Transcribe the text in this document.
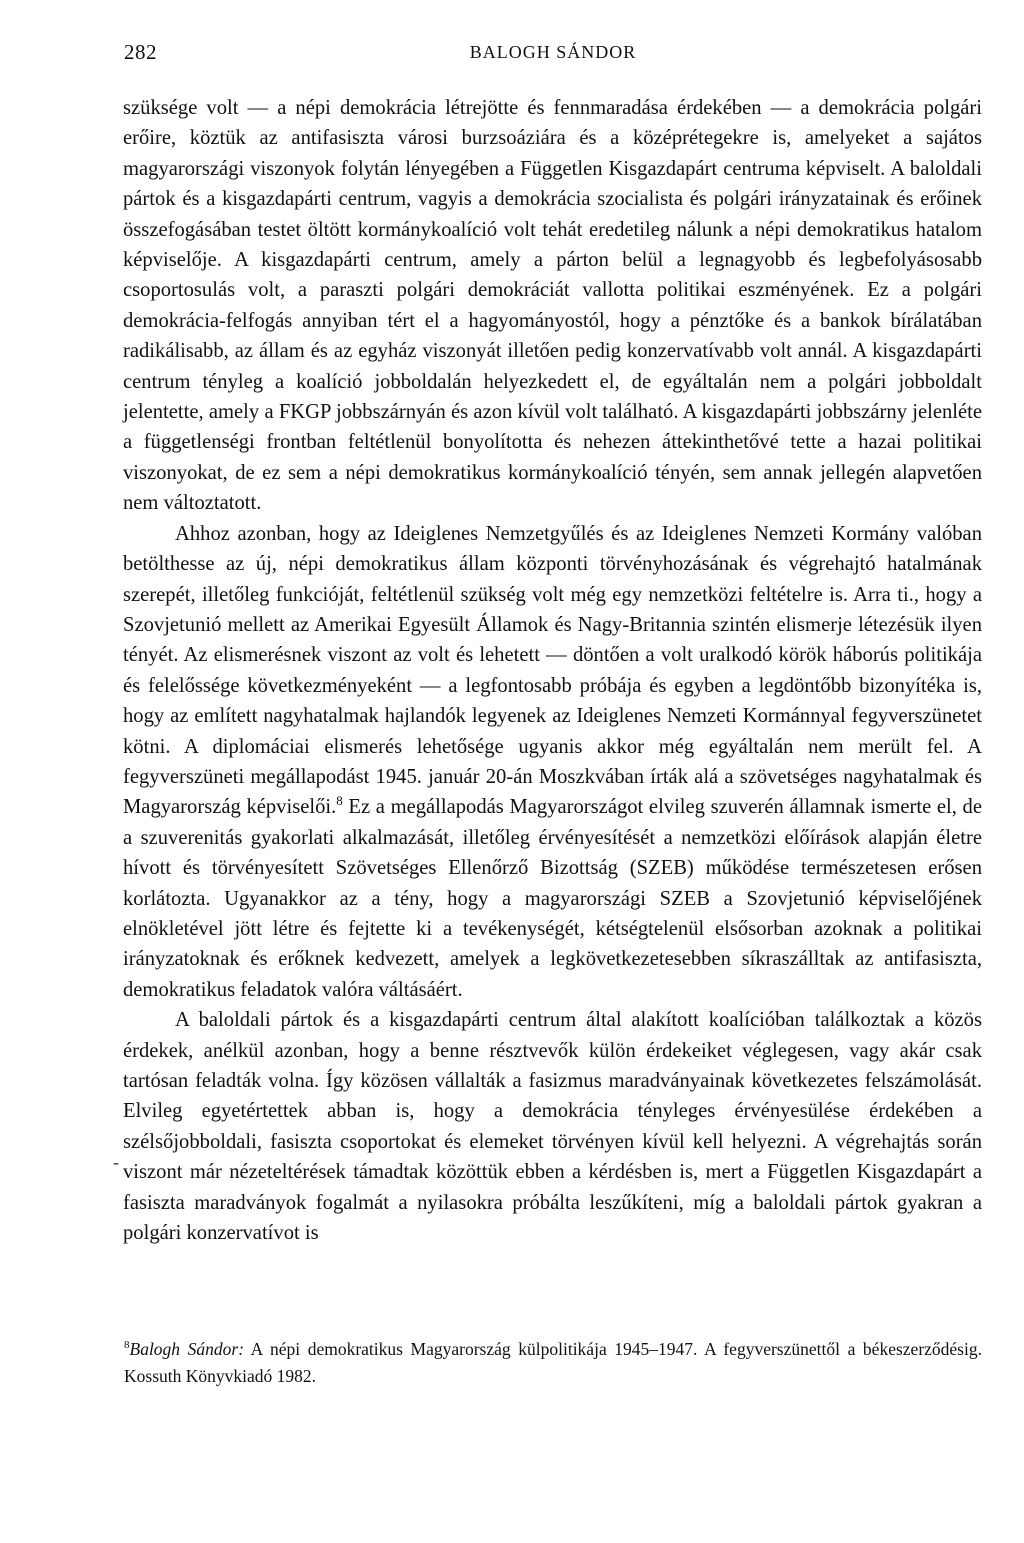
282	BALOGH SÁNDOR

szüksége volt — a népi demokrácia létrejötte és fennmaradása érdekében — a demokrácia polgári erőire, köztük az antifasiszta városi burzsoáziára és a középrétegekre is, amelyeket a sajátos magyarországi viszonyok folytán lényegében a Független Kisgazdapárt centruma képviselt. A baloldali pártok és a kisgazdapárti centrum, vagyis a demokrácia szocialista és polgári irányzatainak és erőinek összefogásában testet öltött kormánykoalíció volt tehát eredetileg nálunk a népi demokratikus hatalom képviselője. A kisgazdapárti centrum, amely a párton belül a legnagyobb és legbefolyásosabb csoportosulás volt, a paraszti polgári demokráciát vallotta politikai eszményének. Ez a polgári demokrácia-felfogás annyiban tért el a hagyományostól, hogy a pénztőke és a bankok bírálatában radikálisabb, az állam és az egyház viszonyát illetően pedig konzervatívabb volt annál. A kisgazdapárti centrum tényleg a koalíció jobboldalán helyezkedett el, de egyáltalán nem a polgári jobboldalt jelentette, amely a FKGP jobbszárnyán és azon kívül volt található. A kisgazdapárti jobbszárny jelenléte a függetlenségi frontban feltétlenül bonyolította és nehezen áttekinthetővé tette a hazai politikai viszonyokat, de ez sem a népi demokratikus kormánykoalíció tényén, sem annak jellegén alapvetően nem változtatott.

Ahhoz azonban, hogy az Ideiglenes Nemzetgyűlés és az Ideiglenes Nemzeti Kormány valóban betölthesse az új, népi demokratikus állam központi törvényhozásának és végrehajtó hatalmának szerepét, illetőleg funkcióját, feltétlenül szükség volt még egy nemzetközi feltételre is. Arra ti., hogy a Szovjetunió mellett az Amerikai Egyesült Államok és Nagy-Britannia szintén elismerje létezésük ilyen tényét. Az elismerésnek viszont az volt és lehetett — döntően a volt uralkodó körök háborús politikája és felelőssége következményeként — a legfontosabb próbája és egyben a legdöntőbb bizonyítéka is, hogy az említett nagyhatalmak hajlandók legyenek az Ideiglenes Nemzeti Kormánnyal fegyverszünetet kötni. A diplomáciai elismerés lehetősége ugyanis akkor még egyáltalán nem merült fel. A fegyverszüneti megállapodást 1945. január 20-án Moszkvában írták alá a szövetséges nagyhatalmak és Magyarország képviselői.$^8$ Ez a megállapodás Magyarországot elvileg szuverén államnak ismerte el, de a szuverenitás gyakorlati alkalmazását, illetőleg érvényesítését a nemzetközi előírások alapján életre hívott és törvényesített Szövetséges Ellenőrző Bizottság (SZEB) működése természetesen erősen korlátozta. Ugyanakkor az a tény, hogy a magyarországi SZEB a Szovjetunió képviselőjének elnökletével jött létre és fejtette ki a tevékenységét, kétségtelenül elsősorban azoknak a politikai irányzatoknak és erőknek kedvezett, amelyek a legkövetkezetesebben síkraszálltak az antifasiszta, demokratikus feladatok valóra váltásáért.

A baloldali pártok és a kisgazdapárti centrum által alakított koalícióban találkoztak a közös érdekek, anélkül azonban, hogy a benne résztvevők külön érdekeiket véglegesen, vagy akár csak tartósan feladták volna. Így közösen vállalták a fasizmus maradványainak következetes felszámolását. Elvileg egyetértettek abban is, hogy a demokrácia tényleges érvényesülése érdekében a szélsőjobboldali, fasiszta csoportokat és elemeket törvényen kívül kell helyezni. A végrehajtás során viszont már nézeteltérések támadtak közöttük ebben a kérdésben is, mert a Független Kisgazdapárt a fasiszta maradványok fogalmát a nyilasokra próbálta leszűkíteni, míg a baloldali pártok gyakran a polgári konzervatívot is

-
$^8$Balogh Sándor: A népi demokratikus Magyarország külpolitikája 1945–1947. A fegyverszünettől a békeszerződésig. Kossuth Könyvkiadó 1982.
